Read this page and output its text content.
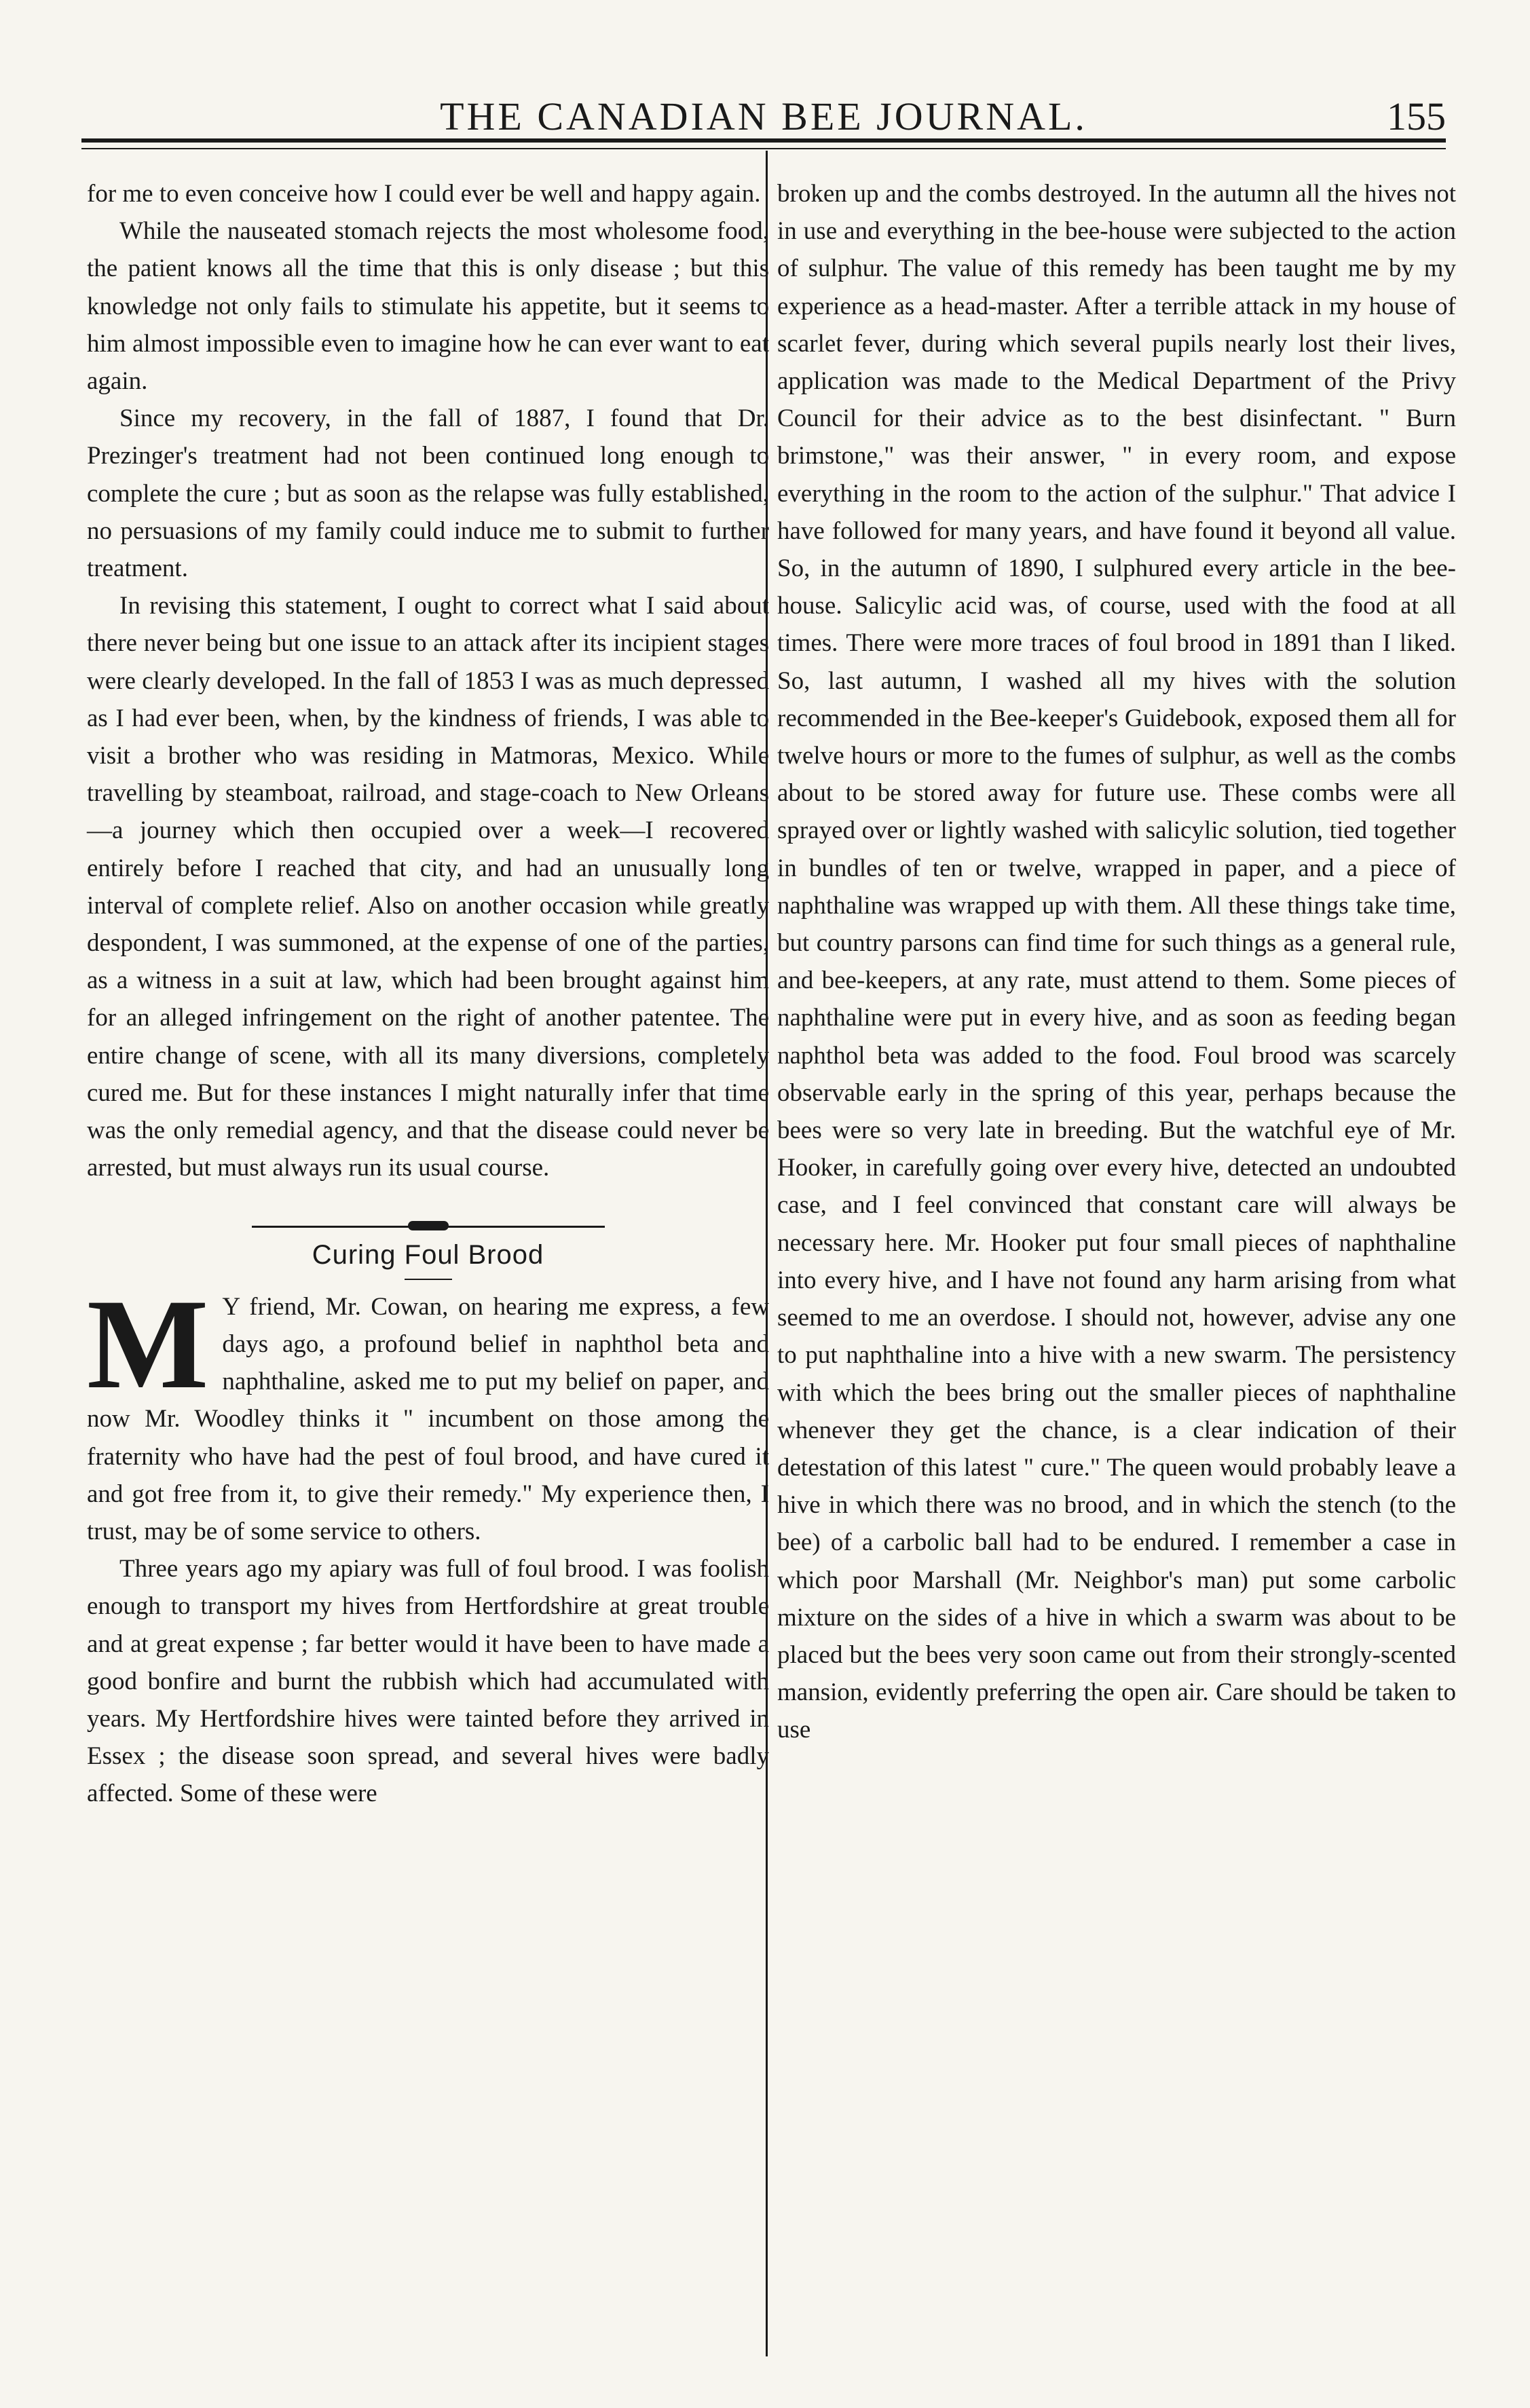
THE CANADIAN BEE JOURNAL.	155

for me to even conceive how I could ever be well and happy again.

While the nauseated stomach rejects the most wholesome food, the patient knows all the time that this is only disease ; but this knowledge not only fails to stimulate his appetite, but it seems to him almost impossible even to imagine how he can ever want to eat again.

Since my recovery, in the fall of 1887, I found that Dr. Prezinger's treatment had not been continued long enough to complete the cure ; but as soon as the relapse was fully established, no persuasions of my family could induce me to submit to further treatment.

In revising this statement, I ought to correct what I said about there never being but one issue to an attack after its incipient stages were clearly developed. In the fall of 1853 I was as much depressed as I had ever been, when, by the kindness of friends, I was able to visit a brother who was residing in Matmoras, Mexico. While travelling by steamboat, railroad, and stage-coach to New Orleans —a journey which then occupied over a week—I recovered entirely before I reached that city, and had an unusually long interval of complete relief. Also on another occasion while greatly despondent, I was summoned, at the expense of one of the parties, as a witness in a suit at law, which had been brought against him for an alleged infringement on the right of another patentee. The entire change of scene, with all its many diversions, completely cured me. But for these instances I might naturally infer that time was the only remedial agency, and that the disease could never be arrested, but must always run its usual course.

Curing Foul Brood

M Y friend, Mr. Cowan, on hearing me express, a few days ago, a profound belief in naphthol beta and naphthaline, asked me to put my belief on paper, and now Mr. Woodley thinks it " incumbent on those among the fraternity who have had the pest of foul brood, and have cured it and got free from it, to give their remedy." My experience then, I trust, may be of some service to others.

Three years ago my apiary was full of foul brood. I was foolish enough to transport my hives from Hertfordshire at great trouble and at great expense ; far better would it have been to have made a good bonfire and burnt the rubbish which had accumulated with years. My Hertfordshire hives were tainted before they arrived in Essex ; the disease soon spread, and several hives were badly affected. Some of these were

broken up and the combs destroyed. In the autumn all the hives not in use and everything in the bee-house were subjected to the action of sulphur. The value of this remedy has been taught me by my experience as a head-master. After a terrible attack in my house of scarlet fever, during which several pupils nearly lost their lives, application was made to the Medical Department of the Privy Council for their advice as to the best disinfectant. " Burn brimstone," was their answer, " in every room, and expose everything in the room to the action of the sulphur." That advice I have followed for many years, and have found it beyond all value. So, in the autumn of 1890, I sulphured every article in the bee-house. Salicylic acid was, of course, used with the food at all times. There were more traces of foul brood in 1891 than I liked. So, last autumn, I washed all my hives with the solution recommended in the Bee-keeper's Guidebook, exposed them all for twelve hours or more to the fumes of sulphur, as well as the combs about to be stored away for future use. These combs were all sprayed over or lightly washed with salicylic solution, tied together in bundles of ten or twelve, wrapped in paper, and a piece of naphthaline was wrapped up with them. All these things take time, but country parsons can find time for such things as a general rule, and bee-keepers, at any rate, must attend to them. Some pieces of naphthaline were put in every hive, and as soon as feeding began naphthol beta was added to the food. Foul brood was scarcely observable early in the spring of this year, perhaps because the bees were so very late in breeding. But the watchful eye of Mr. Hooker, in carefully going over every hive, detected an undoubted case, and I feel convinced that constant care will always be necessary here. Mr. Hooker put four small pieces of naphthaline into every hive, and I have not found any harm arising from what seemed to me an overdose. I should not, however, advise any one to put naphthaline into a hive with a new swarm. The persistency with which the bees bring out the smaller pieces of naphthaline whenever they get the chance, is a clear indication of their detestation of this latest " cure." The queen would probably leave a hive in which there was no brood, and in which the stench (to the bee) of a carbolic ball had to be endured. I remember a case in which poor Marshall (Mr. Neighbor's man) put some carbolic mixture on the sides of a hive in which a swarm was about to be placed but the bees very soon came out from their strongly-scented mansion, evidently preferring the open air. Care should be taken to use
